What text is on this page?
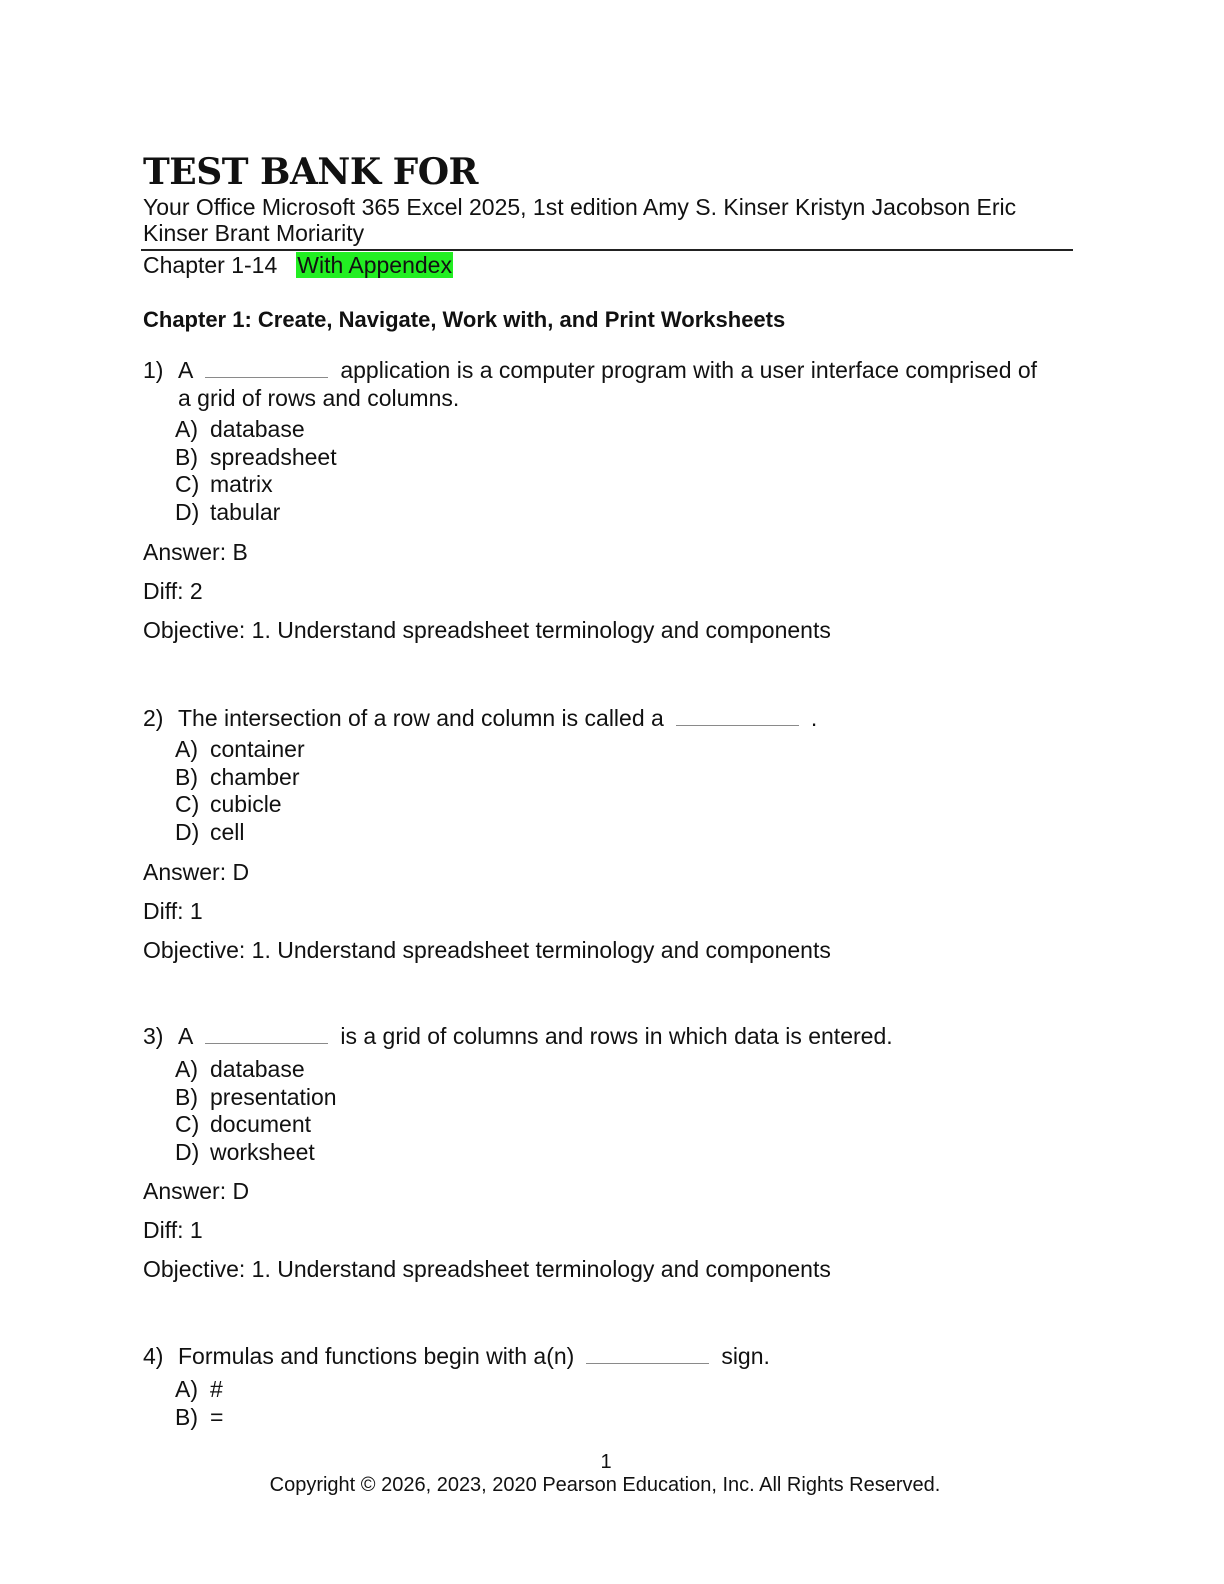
TEST BANK FOR
Your Office Microsoft 365 Excel 2025, 1st edition Amy S. Kinser Kristyn Jacobson Eric Kinser Brant Moriarity
Chapter 1-14 With Appendex
Chapter 1: Create, Navigate, Work with, and Print Worksheets
1) A	application is a computer program with a user interface comprised of
a grid of rows and columns.
A) database
B) spreadsheet
C) matrix
D) tabular
Answer: B
Diff: 2
Objective: 1. Understand spreadsheet terminology and components
2) The intersection of a row and column is called a	.
A) container
B) chamber
C) cubicle
D) cell
Answer: D
Diff: 1
Objective: 1. Understand spreadsheet terminology and components
3) A	is a grid of columns and rows in which data is entered.
A) database
B) presentation
C) document
D) worksheet
Answer: D
Diff: 1
Objective: 1. Understand spreadsheet terminology and components
4) Formulas and functions begin with a(n)	sign.
A) #
B) =
1
Copyright © 2026, 2023, 2020 Pearson Education, Inc. All Rights Reserved.
